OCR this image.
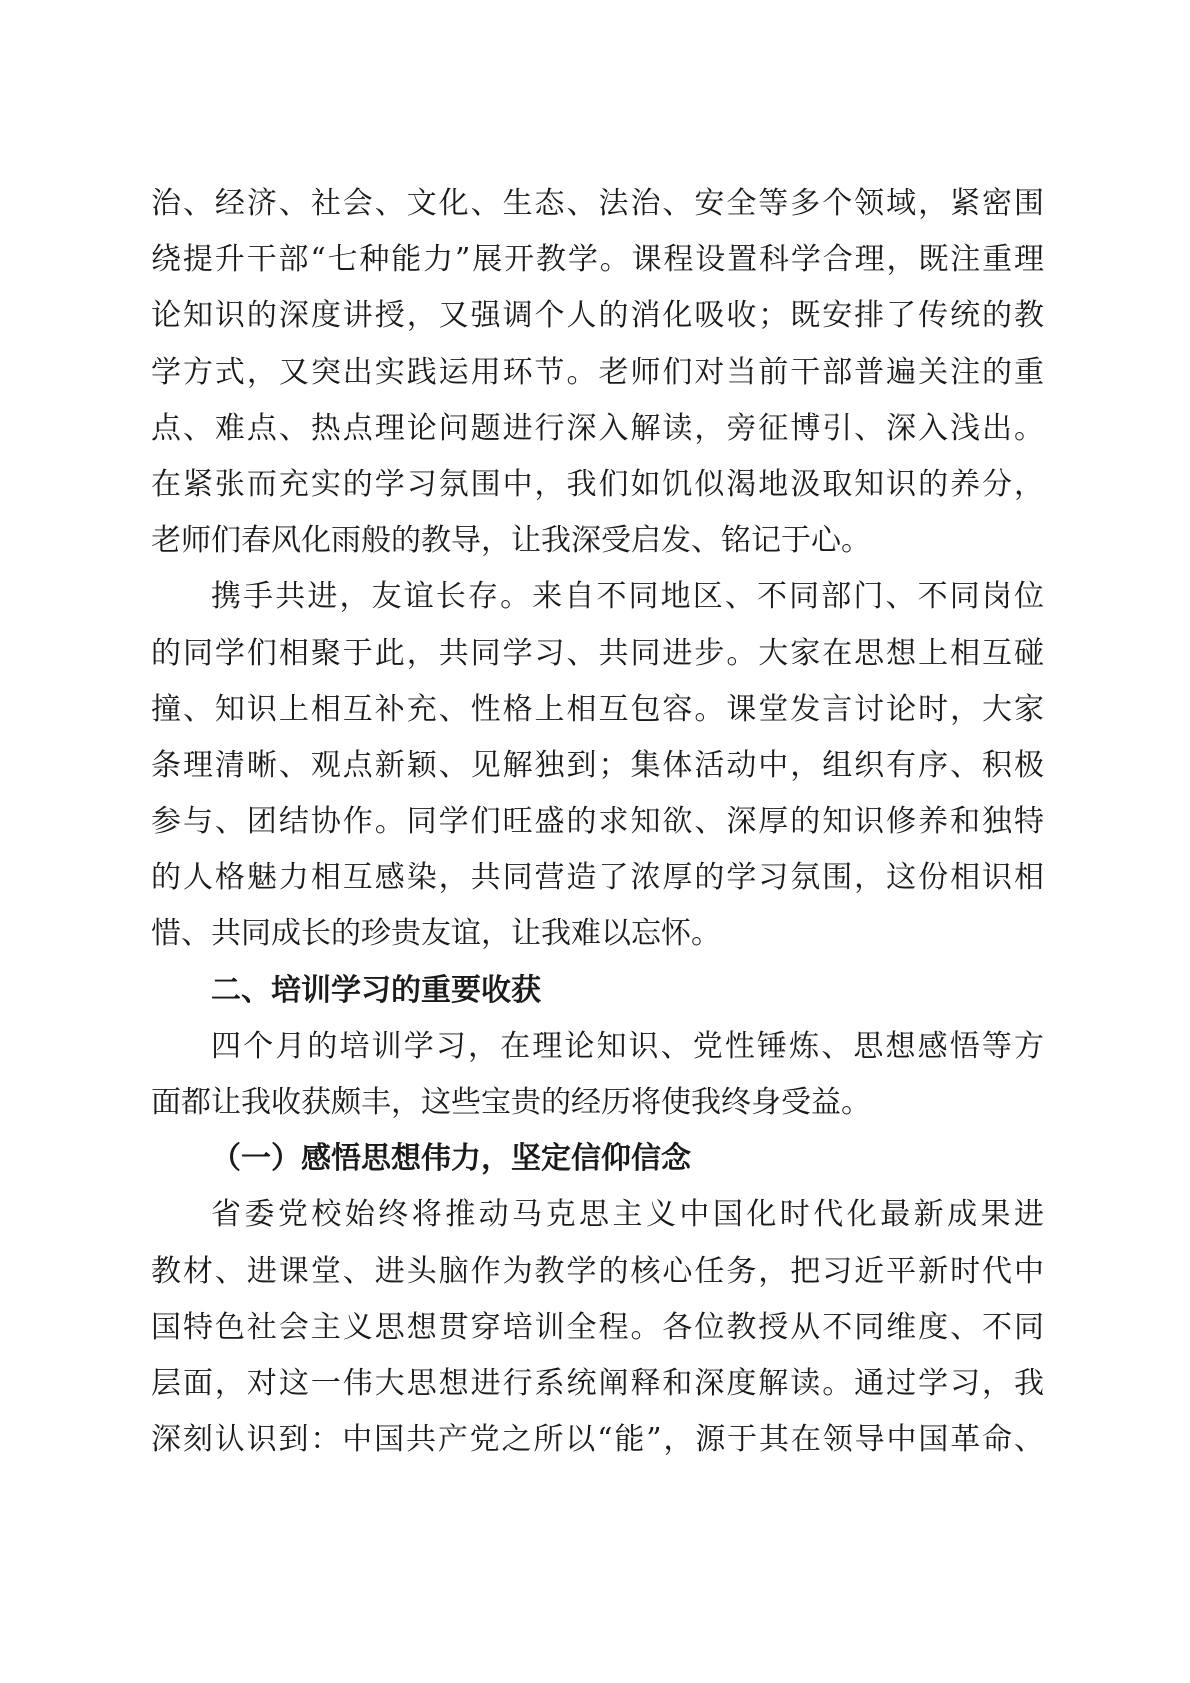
治、经济、社会、文化、生态、法治、安全等多个领域，紧密围
绕提升干部“七种能力”展开教学。课程设置科学合理，既注重理
论知识的深度讲授，又强调个人的消化吸收；既安排了传统的教
学方式，又突出实践运用环节。老师们对当前干部普遍关注的重
点、难点、热点理论问题进行深入解读，旁征博引、深入浅出。
在紧张而充实的学习氛围中，我们如饥似渴地汲取知识的养分，
老师们春风化雨般的教导，让我深受启发、铭记于心。
携手共进，友谊长存。来自不同地区、不同部门、不同岗位
的同学们相聚于此，共同学习、共同进步。大家在思想上相互碰
撞、知识上相互补充、性格上相互包容。课堂发言讨论时，大家
条理清晰、观点新颖、见解独到；集体活动中，组织有序、积极
参与、团结协作。同学们旺盛的求知欲、深厚的知识修养和独特
的人格魅力相互感染，共同营造了浓厚的学习氛围，这份相识相
惜、共同成长的珍贵友谊，让我难以忘怀。
二、培训学习的重要收获
四个月的培训学习，在理论知识、党性锤炼、思想感悟等方
面都让我收获颇丰，这些宝贵的经历将使我终身受益。
（一）感悟思想伟力，坚定信仰信念
省委党校始终将推动马克思主义中国化时代化最新成果进
教材、进课堂、进头脑作为教学的核心任务，把习近平新时代中
国特色社会主义思想贯穿培训全程。各位教授从不同维度、不同
层面，对这一伟大思想进行系统阐释和深度解读。通过学习，我
深刻认识到：中国共产党之所以“能”，源于其在领导中国革命、
